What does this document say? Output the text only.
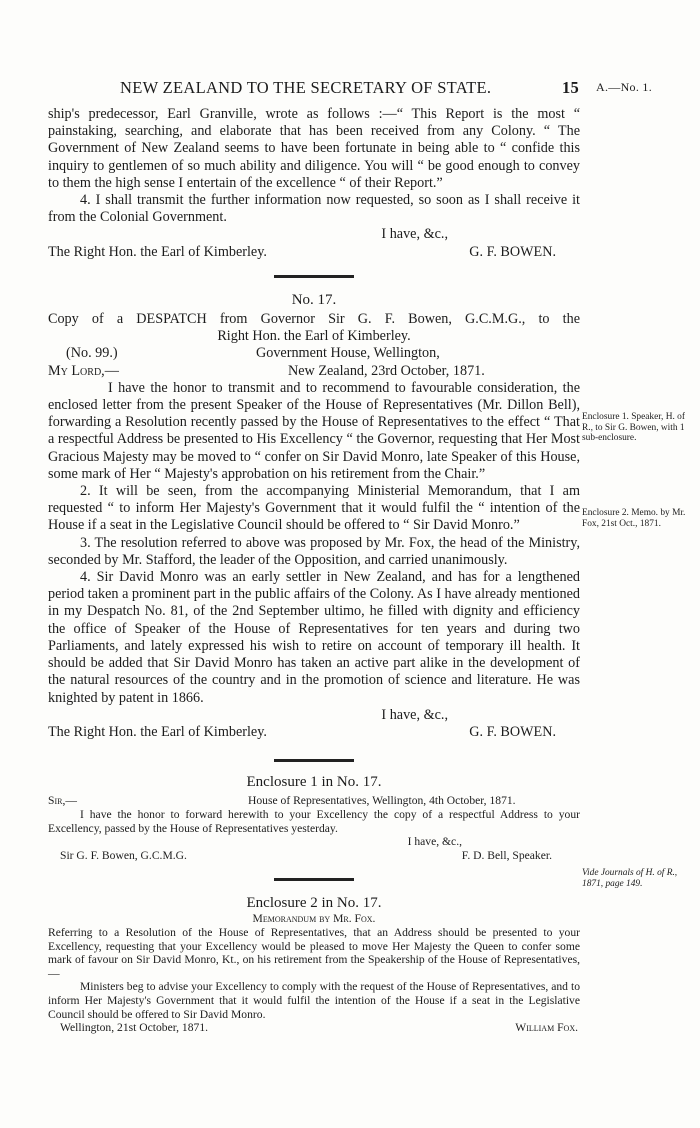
NEW ZEALAND TO THE SECRETARY OF STATE.	15 A.—No. 1.

ship's predecessor, Earl Granville, wrote as follows :—“ This Report is the most “ painstaking, searching, and elaborate that has been received from any Colony. “ The Government of New Zealand seems to have been fortunate in being able to “ confide this inquiry to gentlemen of so much ability and diligence. You will “ be good enough to convey to them the high sense I entertain of the excellence “ of their Report.”

4. I shall transmit the further information now requested, so soon as I shall receive it from the Colonial Government.

I have, &c.,

The Right Hon. the Earl of Kimberley.	G. F. BOWEN.

No. 17.

Copy of a DESPATCH from Governor Sir G. F. Bowen, G.C.M.G., to the

Right Hon. the Earl of Kimberley.

(No. 99.)	Government House, Wellington,
My Lord,—	New Zealand, 23rd October, 1871.

I have the honor to transmit and to recommend to favourable consideration, the enclosed letter from the present Speaker of the House of Representatives (Mr. Dillon Bell), forwarding a Resolution recently passed by the House of Representatives to the effect “ That a respectful Address be presented to His Excellency “ the Governor, requesting that Her Most Gracious Majesty may be moved to “ confer on Sir David Monro, late Speaker of this House, some mark of Her “ Majesty's approbation on his retirement from the Chair.”

2. It will be seen, from the accompanying Ministerial Memorandum, that I am requested “ to inform Her Majesty's Government that it would fulfil the “ intention of the House if a seat in the Legislative Council should be offered to “ Sir David Monro.”

3. The resolution referred to above was proposed by Mr. Fox, the head of the Ministry, seconded by Mr. Stafford, the leader of the Opposition, and carried unanimously.

4. Sir David Monro was an early settler in New Zealand, and has for a lengthened period taken a prominent part in the public affairs of the Colony. As I have already mentioned in my Despatch No. 81, of the 2nd September ultimo, he filled with dignity and efficiency the office of Speaker of the House of Representatives for ten years and during two Parliaments, and lately expressed his wish to retire on account of temporary ill health. It should be added that Sir David Monro has taken an active part alike in the development of the natural resources of the country and in the promotion of science and literature. He was knighted by patent in 1866.

I have, &c.,

The Right Hon. the Earl of Kimberley.	G. F. BOWEN.

Enclosure 1 in No. 17.

Sir,—	House of Representatives, Wellington, 4th October, 1871.

I have the honor to forward herewith to your Excellency the copy of a respectful Address to your Excellency, passed by the House of Representatives yesterday.

I have, &c.,

Sir G. F. Bowen, G.C.M.G.	F. D. Bell, Speaker.

Enclosure 2 in No. 17.

Memorandum by Mr. Fox.

Referring to a Resolution of the House of Representatives, that an Address should be presented to your Excellency, requesting that your Excellency would be pleased to move Her Majesty the Queen to confer some mark of favour on Sir David Monro, Kt., on his retirement from the Speakership of the House of Representatives,—

Ministers beg to advise your Excellency to comply with the request of the House of Representatives, and to inform Her Majesty's Government that it would fulfil the intention of the House if a seat in the Legislative Council should be offered to Sir David Monro.

Wellington, 21st October, 1871.	William Fox.
Enclosure 1. Speaker, H. of R., to Sir G. Bowen, with 1 sub-enclosure.
Enclosure 2. Memo. by Mr. Fox, 21st Oct., 1871.
Vide Journals of H. of R., 1871, page 149.
